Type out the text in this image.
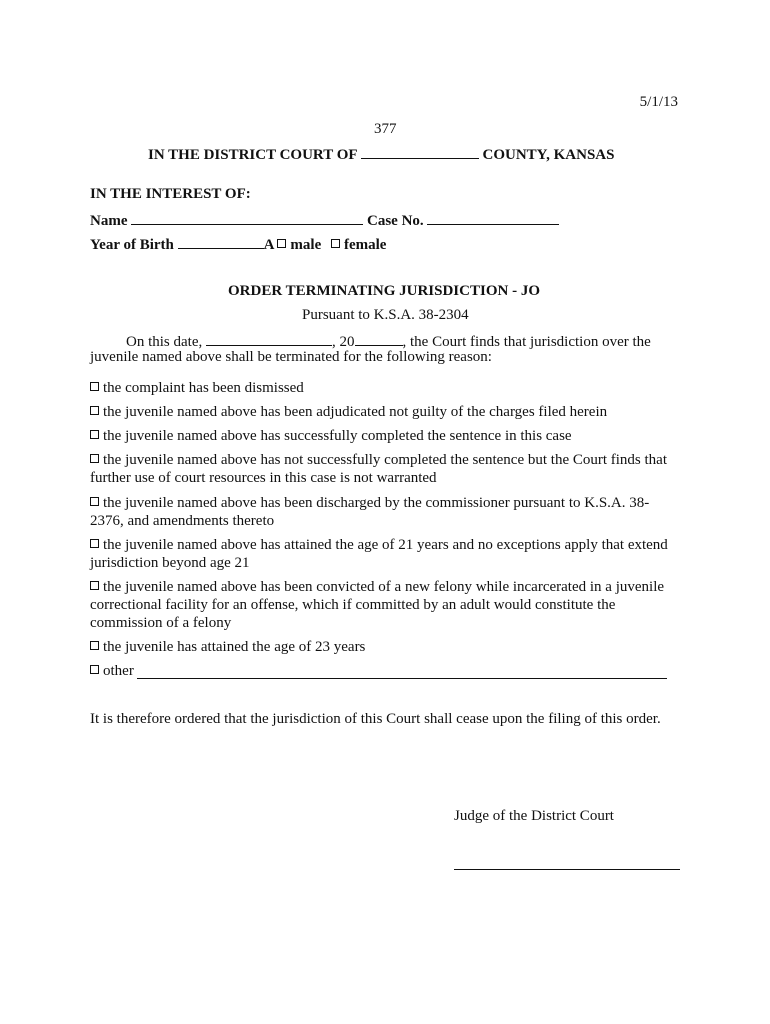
5/1/13
377
IN THE DISTRICT COURT OF	COUNTY, KANSAS
IN THE INTEREST OF:
Name	Case No.
Year of Birth	A male female
ORDER TERMINATING JURISDICTION - JO
Pursuant to K.S.A. 38-2304
On this date,	, 20	, the Court finds that jurisdiction over the
juvenile named above shall be terminated for the following reason:
the complaint has been dismissed
the juvenile named above has been adjudicated not guilty of the charges filed herein
the juvenile named above has successfully completed the sentence in this case
the juvenile named above has not successfully completed the sentence but the Court finds that further use of court resources in this case is not warranted
the juvenile named above has been discharged by the commissioner pursuant to K.S.A. 38-2376, and amendments thereto
the juvenile named above has attained the age of 21 years and no exceptions apply that extend jurisdiction beyond age 21
the juvenile named above has been convicted of a new felony while incarcerated in a juvenile correctional facility for an offense, which if committed by an adult would constitute the commission of a felony
the juvenile has attained the age of 23 years
other
It is therefore ordered that the jurisdiction of this Court shall cease upon the filing of this order.
Judge of the District Court
